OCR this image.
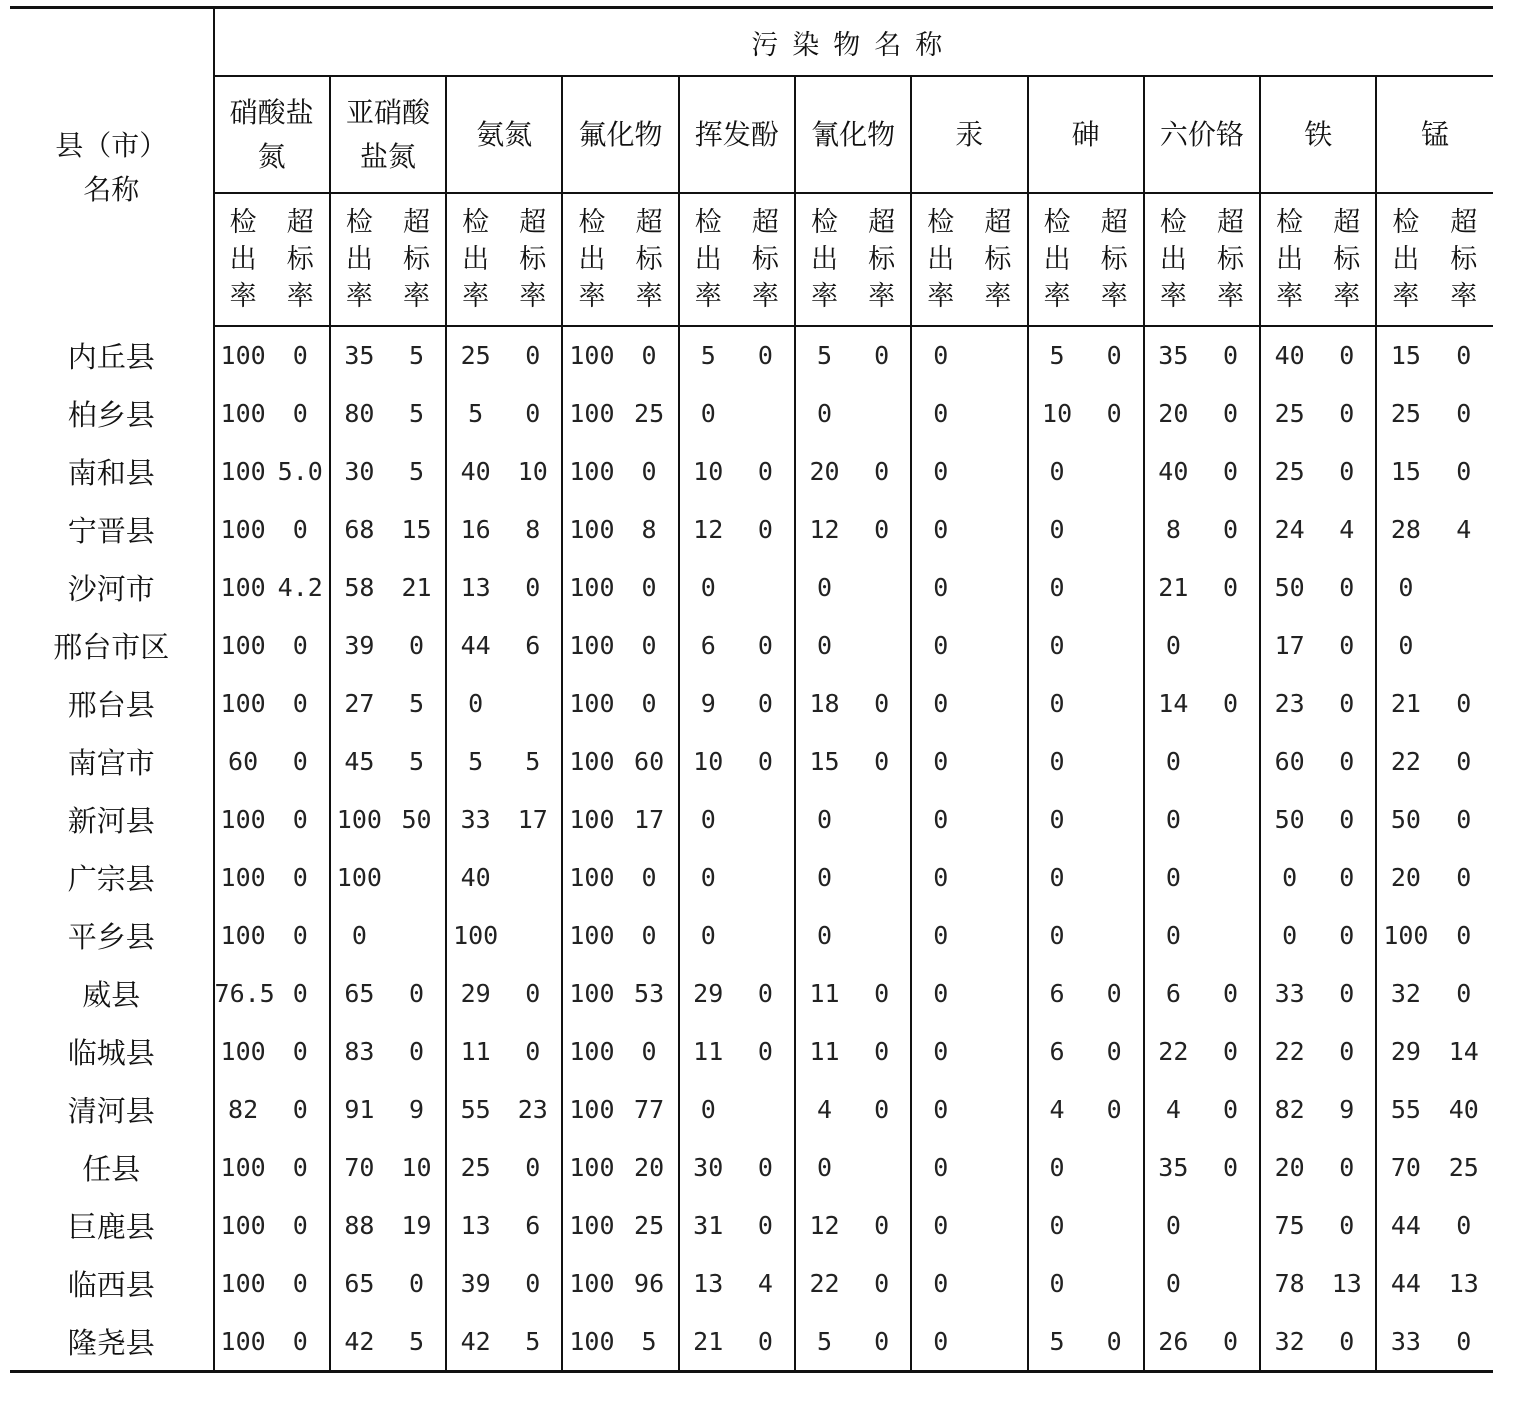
县（市）名称	污染物名称																					
	硝酸盐氮		亚硝酸盐氮		氨氮		氟化物		挥发酚		氰化物		汞		砷		六价铬		铁		锰	
	检出率	超标率	检出率	超标率	检出率	超标率	检出率	超标率	检出率	超标率	检出率	超标率	检出率	超标率	检出率	超标率	检出率	超标率	检出率	超标率	检出率	超标率
内丘县	100	0	35	5	25	0	100	0	5	0	5	0	0		5	0	35	0	40	0	15	0
柏乡县	100	0	80	5	5	0	100	25	0		0		0		10	0	20	0	25	0	25	0
南和县	100	5.0	30	5	40	10	100	0	10	0	20	0	0		0		40	0	25	0	15	0
宁晋县	100	0	68	15	16	8	100	8	12	0	12	0	0		0		8	0	24	4	28	4
沙河市	100	4.2	58	21	13	0	100	0	0		0		0		0		21	0	50	0	0	
邢台市区	100	0	39	0	44	6	100	0	6	0	0		0		0		0		17	0	0	
邢台县	100	0	27	5	0		100	0	9	0	18	0	0		0		14	0	23	0	21	0
南宫市	60	0	45	5	5	5	100	60	10	0	15	0	0		0		0		60	0	22	0
新河县	100	0	100	50	33	17	100	17	0		0		0		0		0		50	0	50	0
广宗县	100	0	100		40		100	0	0		0		0		0		0		0	0	20	0
平乡县	100	0	0		100		100	0	0		0		0		0		0		0	0	100	0
威县	76.5	0	65	0	29	0	100	53	29	0	11	0	0		6	0	6	0	33	0	32	0
临城县	100	0	83	0	11	0	100	0	11	0	11	0	0		6	0	22	0	22	0	29	14
清河县	82	0	91	9	55	23	100	77	0		4	0	0		4	0	4	0	82	9	55	40
任县	100	0	70	10	25	0	100	20	30	0	0		0		0		35	0	20	0	70	25
巨鹿县	100	0	88	19	13	6	100	25	31	0	12	0	0		0		0		75	0	44	0
临西县	100	0	65	0	39	0	100	96	13	4	22	0	0		0		0		78	13	44	13
隆尧县	100	0	42	5	42	5	100	5	21	0	5	0	0		5	0	26	0	32	0	33	0
